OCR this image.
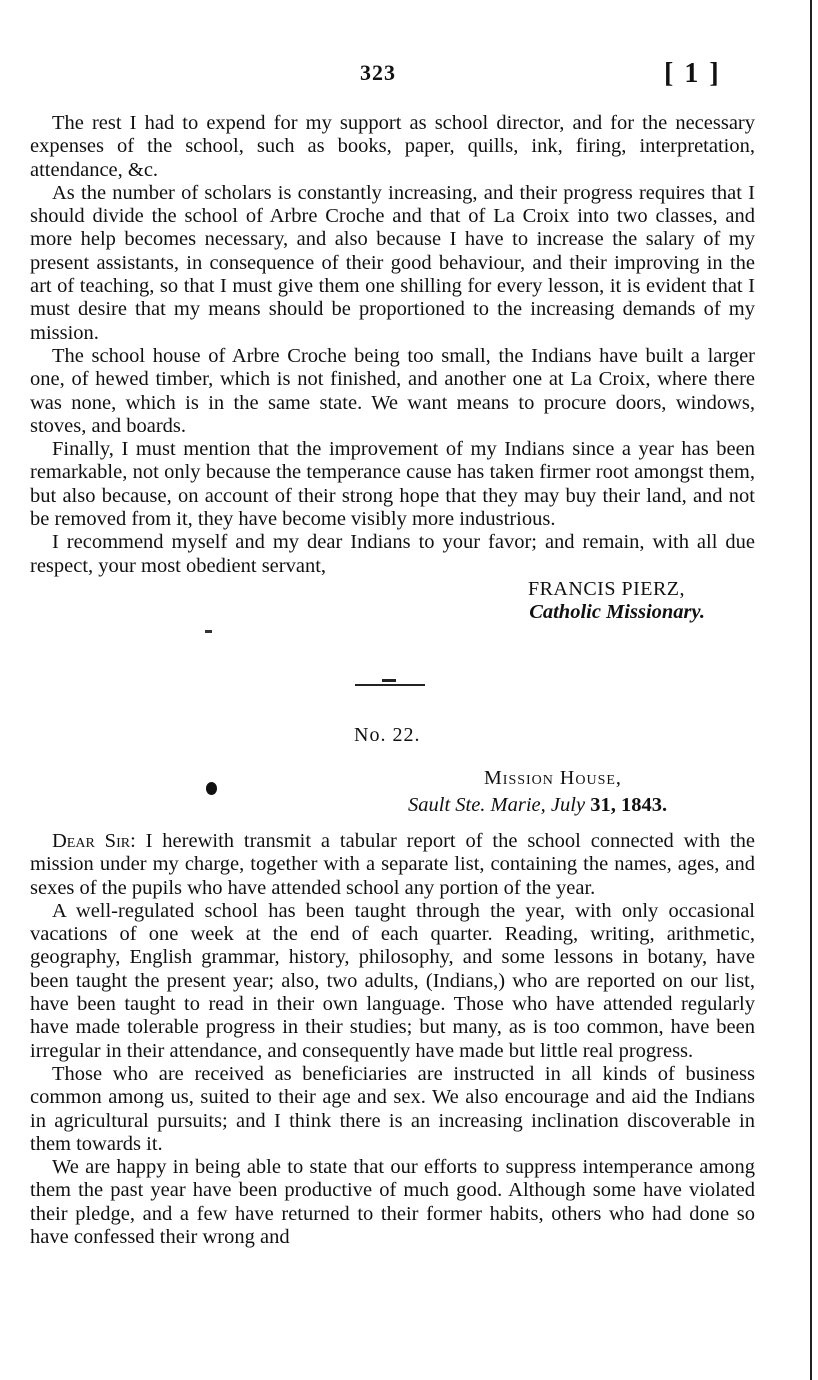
323	[ 1 ]

The rest I had to expend for my support as school director, and for the necessary expenses of the school, such as books, paper, quills, ink, firing, interpretation, attendance, &c.

As the number of scholars is constantly increasing, and their progress requires that I should divide the school of Arbre Croche and that of La Croix into two classes, and more help becomes necessary, and also because I have to increase the salary of my present assistants, in consequence of their good behaviour, and their improving in the art of teaching, so that I must give them one shilling for every lesson, it is evident that I must desire that my means should be proportioned to the increasing demands of my mission.

The school house of Arbre Croche being too small, the Indians have built a larger one, of hewed timber, which is not finished, and another one at La Croix, where there was none, which is in the same state. We want means to procure doors, windows, stoves, and boards.

Finally, I must mention that the improvement of my Indians since a year has been remarkable, not only because the temperance cause has taken firmer root amongst them, but also because, on account of their strong hope that they may buy their land, and not be removed from it, they have become visibly more industrious.

I recommend myself and my dear Indians to your favor; and remain, with all due respect, your most obedient servant,

FRANCIS PIERZ,

Catholic Missionary.

No. 22.
Mission House,
Sault Ste. Marie, July 31, 1843.

Dear Sir: I herewith transmit a tabular report of the school connected with the mission under my charge, together with a separate list, containing the names, ages, and sexes of the pupils who have attended school any portion of the year.

A well-regulated school has been taught through the year, with only occasional vacations of one week at the end of each quarter. Reading, writing, arithmetic, geography, English grammar, history, philosophy, and some lessons in botany, have been taught the present year; also, two adults, (Indians,) who are reported on our list, have been taught to read in their own language. Those who have attended regularly have made tolerable progress in their studies; but many, as is too common, have been irregular in their attendance, and consequently have made but little real progress.

Those who are received as beneficiaries are instructed in all kinds of business common among us, suited to their age and sex. We also encourage and aid the Indians in agricultural pursuits; and I think there is an increasing inclination discoverable in them towards it.

We are happy in being able to state that our efforts to suppress intemperance among them the past year have been productive of much good. Although some have violated their pledge, and a few have returned to their former habits, others who had done so have confessed their wrong and
